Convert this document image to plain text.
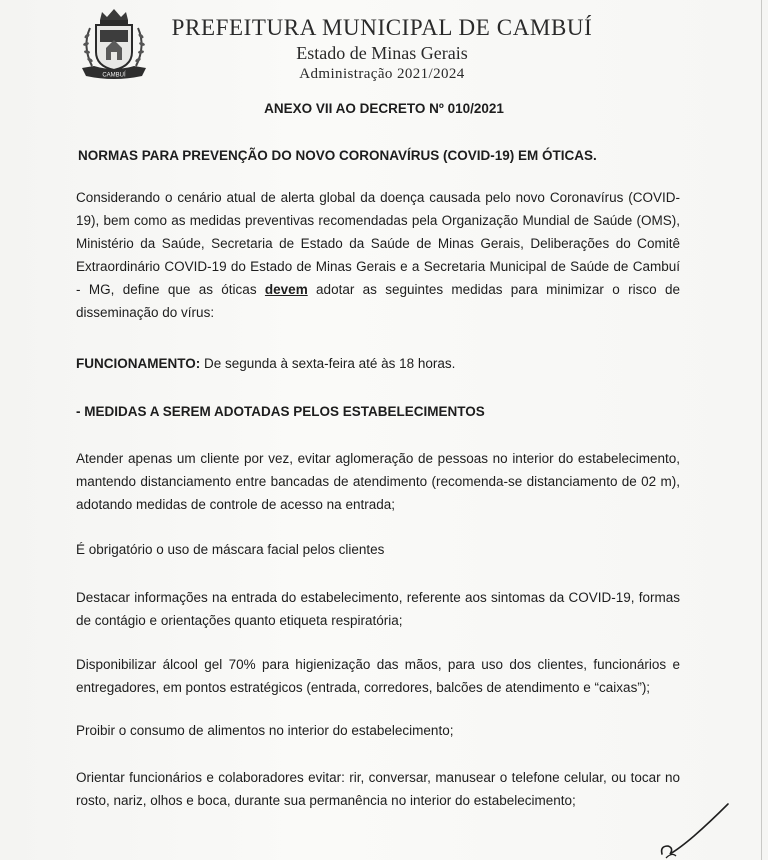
CAMBUÍ
PREFEITURA MUNICIPAL DE CAMBUÍ
Estado de Minas Gerais
Administração 2021/2024
ANEXO VII AO DECRETO Nº 010/2021
NORMAS PARA PREVENÇÃO DO NOVO CORONAVÍRUS (COVID-19) EM ÓTICAS.
Considerando o cenário atual de alerta global da doença causada pelo novo Coronavírus (COVID-19), bem como as medidas preventivas recomendadas pela Organização Mundial de Saúde (OMS), Ministério da Saúde, Secretaria de Estado da Saúde de Minas Gerais, Deliberações do Comitê Extraordinário COVID-19 do Estado de Minas Gerais e a Secretaria Municipal de Saúde de Cambuí - MG, define que as óticas devem adotar as seguintes medidas para minimizar o risco de disseminação do vírus:
FUNCIONAMENTO: De segunda à sexta-feira até às 18 horas.
- MEDIDAS A SEREM ADOTADAS PELOS ESTABELECIMENTOS
Atender apenas um cliente por vez, evitar aglomeração de pessoas no interior do estabelecimento, mantendo distanciamento entre bancadas de atendimento (recomenda-se distanciamento de 02 m), adotando medidas de controle de acesso na entrada;
É obrigatório o uso de máscara facial pelos clientes
Destacar informações na entrada do estabelecimento, referente aos sintomas da COVID-19, formas de contágio e orientações quanto etiqueta respiratória;
Disponibilizar álcool gel 70% para higienização das mãos, para uso dos clientes, funcionários e entregadores, em pontos estratégicos (entrada, corredores, balcões de atendimento e “caixas”);
Proibir o consumo de alimentos no interior do estabelecimento;
Orientar funcionários e colaboradores evitar: rir, conversar, manusear o telefone celular, ou tocar no rosto, nariz, olhos e boca, durante sua permanência no interior do estabelecimento;
